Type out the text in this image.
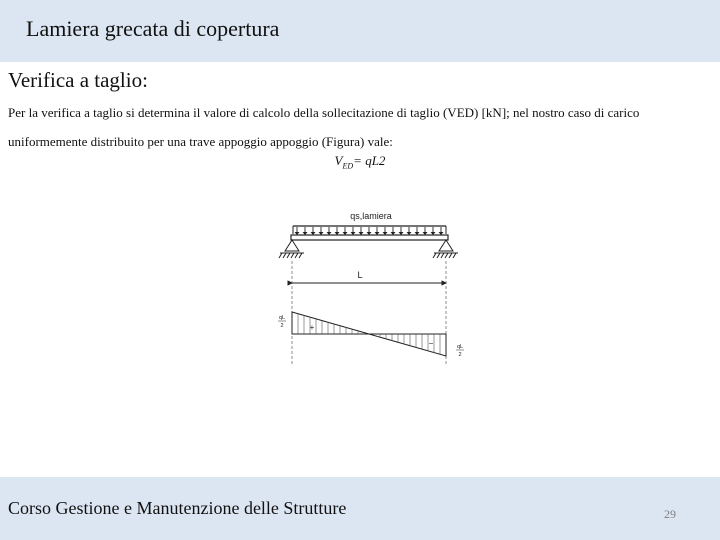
Lamiera grecata di copertura
Verifica a taglio:

Per la verifica a taglio si determina il valore di calcolo della sollecitazione di taglio (VED) [kN]; nel nostro caso di carico uniformemente distribuito per una trave appoggio appoggio (Figura) vale:

$V_{ED}= qL2$
qs,lamiera
L
+
−
qL
2
qL
2
Corso Gestione e Manutenzione delle Strutture	29
